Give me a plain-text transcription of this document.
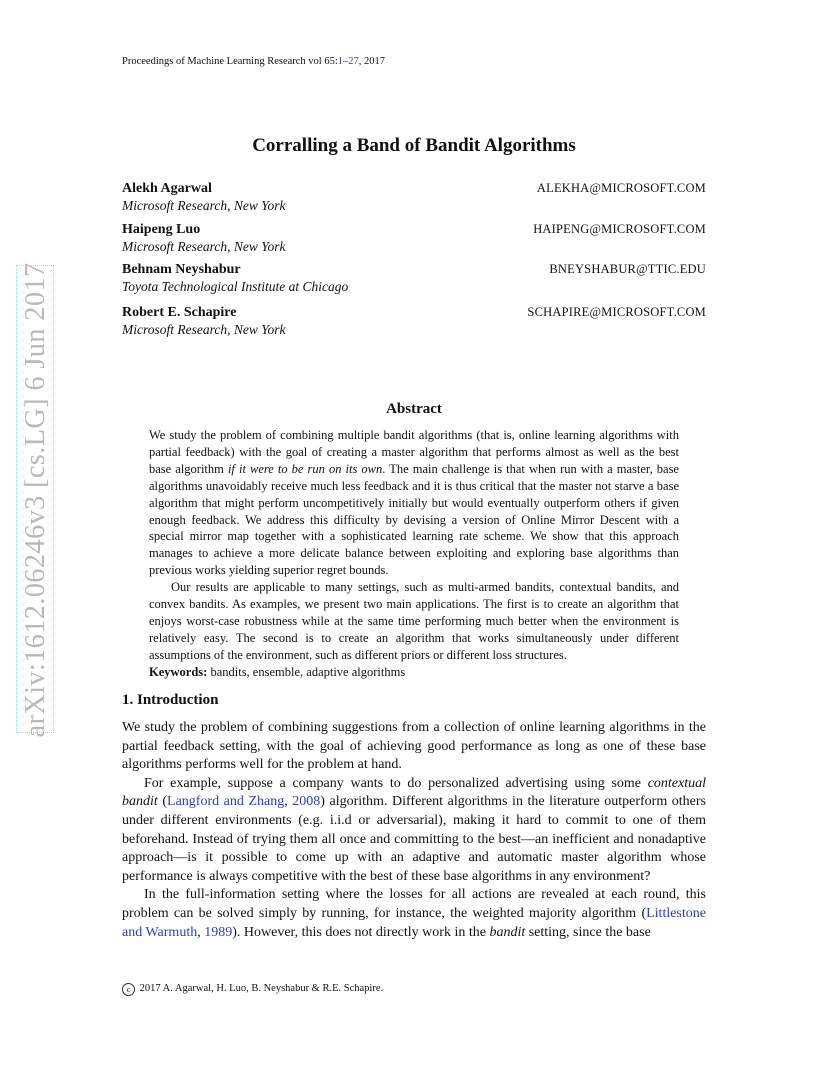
Proceedings of Machine Learning Research vol 65:1–27, 2017
Corralling a Band of Bandit Algorithms
Alekh Agarwal	ALEKHA@MICROSOFT.COM
Microsoft Research, New York
Haipeng Luo	HAIPENG@MICROSOFT.COM
Microsoft Research, New York
Behnam Neyshabur	BNEYSHABUR@TTIC.EDU
Toyota Technological Institute at Chicago
Robert E. Schapire	SCHAPIRE@MICROSOFT.COM
Microsoft Research, New York
arXiv:1612.06246v3 [cs.LG] 6 Jun 2017	Abstract

We study the problem of combining multiple bandit algorithms (that is, online learning algorithms with partial feedback) with the goal of creating a master algorithm that performs almost as well as the best base algorithm if it were to be run on its own. The main challenge is that when run with a master, base algorithms unavoidably receive much less feedback and it is thus critical that the master not starve a base algorithm that might perform uncompetitively initially but would eventually outperform others if given enough feedback. We address this difficulty by devising a version of Online Mirror Descent with a special mirror map together with a sophisticated learning rate scheme. We show that this approach manages to achieve a more delicate balance between exploiting and exploring base algorithms than previous works yielding superior regret bounds.

Our results are applicable to many settings, such as multi-armed bandits, contextual bandits, and convex bandits. As examples, we present two main applications. The first is to create an algorithm that enjoys worst-case robustness while at the same time performing much better when the environment is relatively easy. The second is to create an algorithm that works simultaneously under different assumptions of the environment, such as different priors or different loss structures.

Keywords: bandits, ensemble, adaptive algorithms
1. Introduction

We study the problem of combining suggestions from a collection of online learning algorithms in the partial feedback setting, with the goal of achieving good performance as long as one of these base algorithms performs well for the problem at hand.

For example, suppose a company wants to do personalized advertising using some contextual bandit (Langford and Zhang, 2008) algorithm. Different algorithms in the literature outperform others under different environments (e.g. i.i.d or adversarial), making it hard to commit to one of them beforehand. Instead of trying them all once and committing to the best—an inefficient and nonadaptive approach—is it possible to come up with an adaptive and automatic master algorithm whose performance is always competitive with the best of these base algorithms in any environment?

In the full-information setting where the losses for all actions are revealed at each round, this problem can be solved simply by running, for instance, the weighted majority algorithm (Littlestone and Warmuth, 1989). However, this does not directly work in the bandit setting, since the base

c 2017 A. Agarwal, H. Luo, B. Neyshabur & R.E. Schapire.
